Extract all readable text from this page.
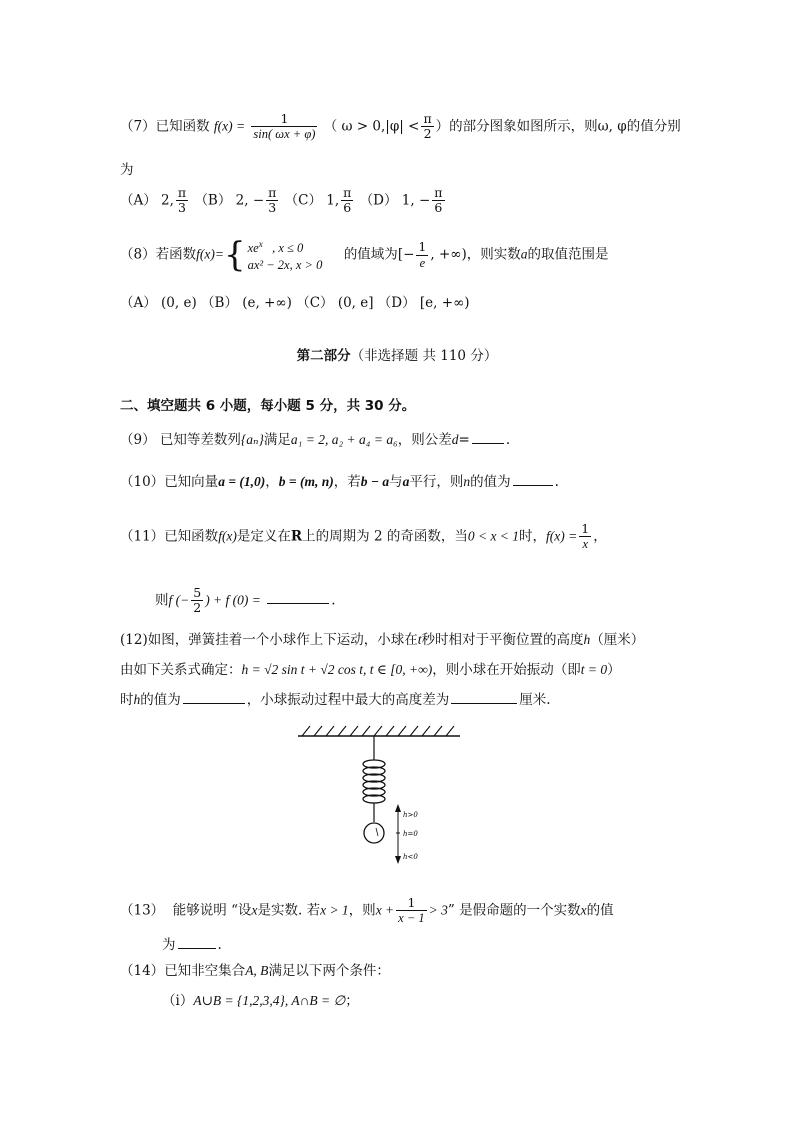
（7）已知函数 $f(x) = \frac{1}{\sin( \omega x + \varphi)}$ （ $\omega > 0,|\varphi| < \frac{\pi}{2}$ ）的部分图象如图所示，则ω, φ的值分别
为
（A） 2, $\frac{\pi}{3} (B) 2$, − $\frac{\pi}{3} (C)$ 1, $\frac{\pi}{6} (D) 1$, − $\frac{\pi}{6}$
（8）若函数f(x)={ $xe^x$ , x ≤ 0
ax² − 2x, x > 0
的值域为[− $\frac{1}{e}$ , +∞)，则实数a的取值范围是
（A） (0, e) （B） (e, +∞) （C） (0, e] （D） [e, +∞)
第二部分（非选择题 共 110 分）
二、填空题共 6 小题，每小题 5 分，共 30 分。
（9） 已知等差数列{aₙ}满足a₁ = 2, a₂ + a₄ = a₆，则公差d=	.
（10）已知向量a = (1,0)，b = (m, n)，若b − a与a平行，则n的值为	.
（11）已知函数f(x)是定义在R上的周期为 2 的奇函数，当0 < x < 1时，$f(x) = \frac{1}{x}$ ，
则f (− $\frac{5}{2}$ ) + f (0) =	.
(12)如图，弹簧挂着一个小球作上下运动，小球在t秒时相对于平衡位置的高度h（厘米）
由如下关系式确定：h = √2 sin t + √2 cos t, t ∈ [0, +∞)，则小球在开始振动（即t = 0）
时h的值为	，小球振动过程中最大的高度差为	厘米.
h>0
h=0
h<0
（13） 能够说明 “设x是实数. 若x > 1，则$x + \frac{1}{x - 1} > 3$” 是假命题的一个实数x的值
为	.
（14）已知非空集合A, B满足以下两个条件：
（ⅰ）A∪B = {1,2,3,4}, A∩B = ∅；
